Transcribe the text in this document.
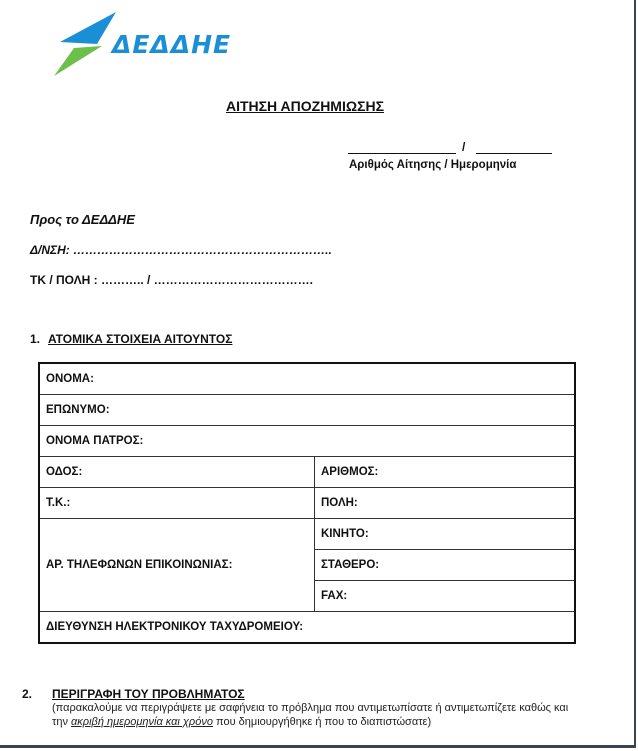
ΔΕΔΔΗΕ
ΑΙΤΗΣΗ ΑΠΟΖΗΜΙΩΣΗΣ
/
Αριθμός Αίτησης / Ημερομηνία
Προς το ΔΕΔΔΗΕ
Δ/ΝΣΗ: ………………………………………………………..
ΤΚ / ΠΟΛΗ : ……….. / ………………………………….
1. ΑΤΟΜΙΚΑ ΣΤΟΙΧΕΙΑ ΑΙΤΟΥΝΤΟΣ
ΟΝΟΜΑ:	
ΕΠΩΝΥΜΟ:	
ΟΝΟΜΑ ΠΑΤΡΟΣ:	
ΟΔΟΣ:	ΑΡΙΘΜΟΣ:
Τ.Κ.:	ΠΟΛΗ:
ΑΡ. ΤΗΛΕΦΩΝΩΝ ΕΠΙΚΟΙΝΩΝΙΑΣ:	ΚΙΝΗΤΟ:
	ΣΤΑΘΕΡΟ:
	FAX:
ΔΙΕΥΘΥΝΣΗ ΗΛΕΚΤΡΟΝΙΚΟΥ ΤΑΧΥΔΡΟΜΕΙΟΥ:	
2. ΠΕΡΙΓΡΑΦΗ ΤΟΥ ΠΡΟΒΛΗΜΑΤΟΣ
(παρακαλούμε να περιγράψετε με σαφήνεια το πρόβλημα που αντιμετωπίσατε ή αντιμετωπίζετε καθώς και την ακριβή ημερομηνία και χρόνο που δημιουργήθηκε ή που το διαπιστώσατε)
